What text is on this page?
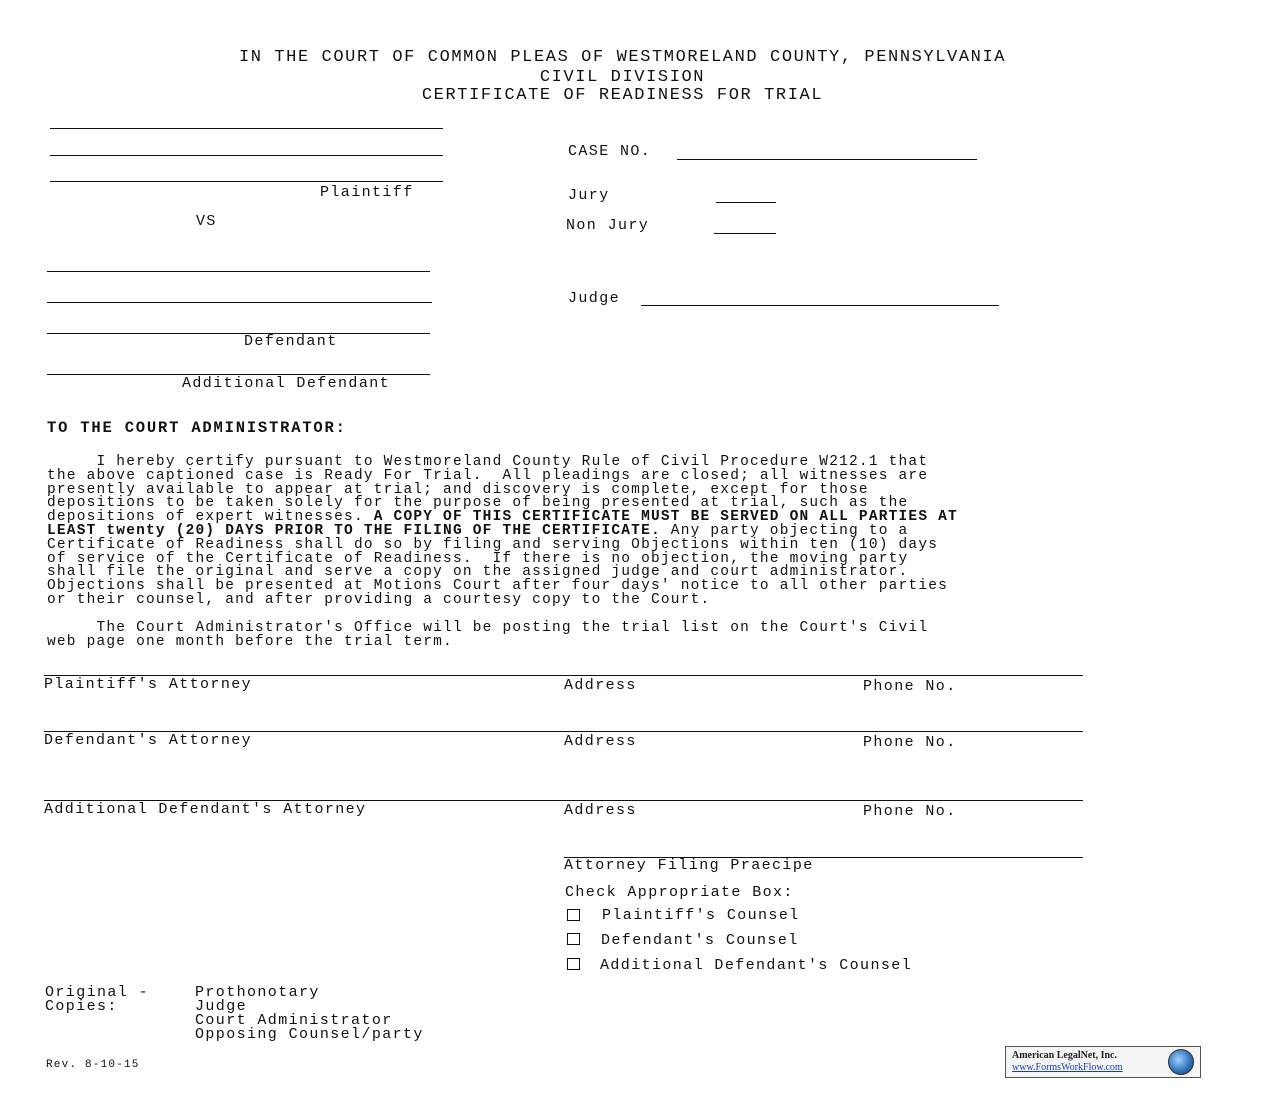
IN THE COURT OF COMMON PLEAS OF WESTMORELAND COUNTY, PENNSYLVANIA
CIVIL DIVISION
CERTIFICATE OF READINESS FOR TRIAL
Plaintiff
VS
Defendant
Additional Defendant
CASE NO.
Jury
Non Jury
Judge
TO THE COURT ADMINISTRATOR:
I hereby certify pursuant to Westmoreland County Rule of Civil Procedure W212.1 that
the above captioned case is Ready For Trial.  All pleadings are closed; all witnesses are
presently available to appear at trial; and discovery is complete, except for those
depositions to be taken solely for the purpose of being presented at trial, such as the
depositions of expert witnesses. A COPY OF THIS CERTIFICATE MUST BE SERVED ON ALL PARTIES AT
LEAST twenty (20) DAYS PRIOR TO THE FILING OF THE CERTIFICATE. Any party objecting to a
Certificate of Readiness shall do so by filing and serving Objections within ten (10) days
of service of the Certificate of Readiness.  If there is no objection, the moving party
shall file the original and serve a copy on the assigned judge and court administrator.
Objections shall be presented at Motions Court after four days' notice to all other parties
or their counsel, and after providing a courtesy copy to the Court.
The Court Administrator's Office will be posting the trial list on the Court's Civil
web page one month before the trial term.
Plaintiff's Attorney	Address	Phone No.
Defendant's Attorney	Address	Phone No.
Additional Defendant's Attorney	Address	Phone No.
Attorney Filing Praecipe
Check Appropriate Box:
Plaintiff's Counsel
Defendant's Counsel
Additional Defendant's Counsel
Original -	Prothonotary
Copies:	Judge
Court Administrator
Opposing Counsel/party
Rev. 8-10-15
American LegalNet, Inc.
www.FormsWorkFlow.com
